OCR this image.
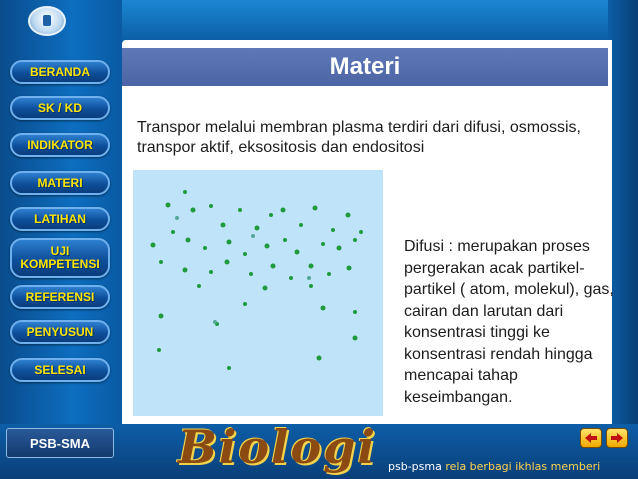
Materi

Transpor melalui membran plasma terdiri dari difusi, osmossis, transpor aktif, eksositosis dan endositosi

Difusi : merupakan proses pergerakan acak partikel-partikel ( atom, molekul), gas, cairan dan larutan dari konsentrasi tinggi ke konsentrasi rendah hingga mencapai tahap keseimbangan.

BERANDA
SK / KD
INDIKATOR
MATERI
LATIHAN
UJI KOMPETENSI
REFERENSI
PENYUSUN
SELESAI
PSB-SMA Biologi psb-psma rela berbagi ikhlas memberi
